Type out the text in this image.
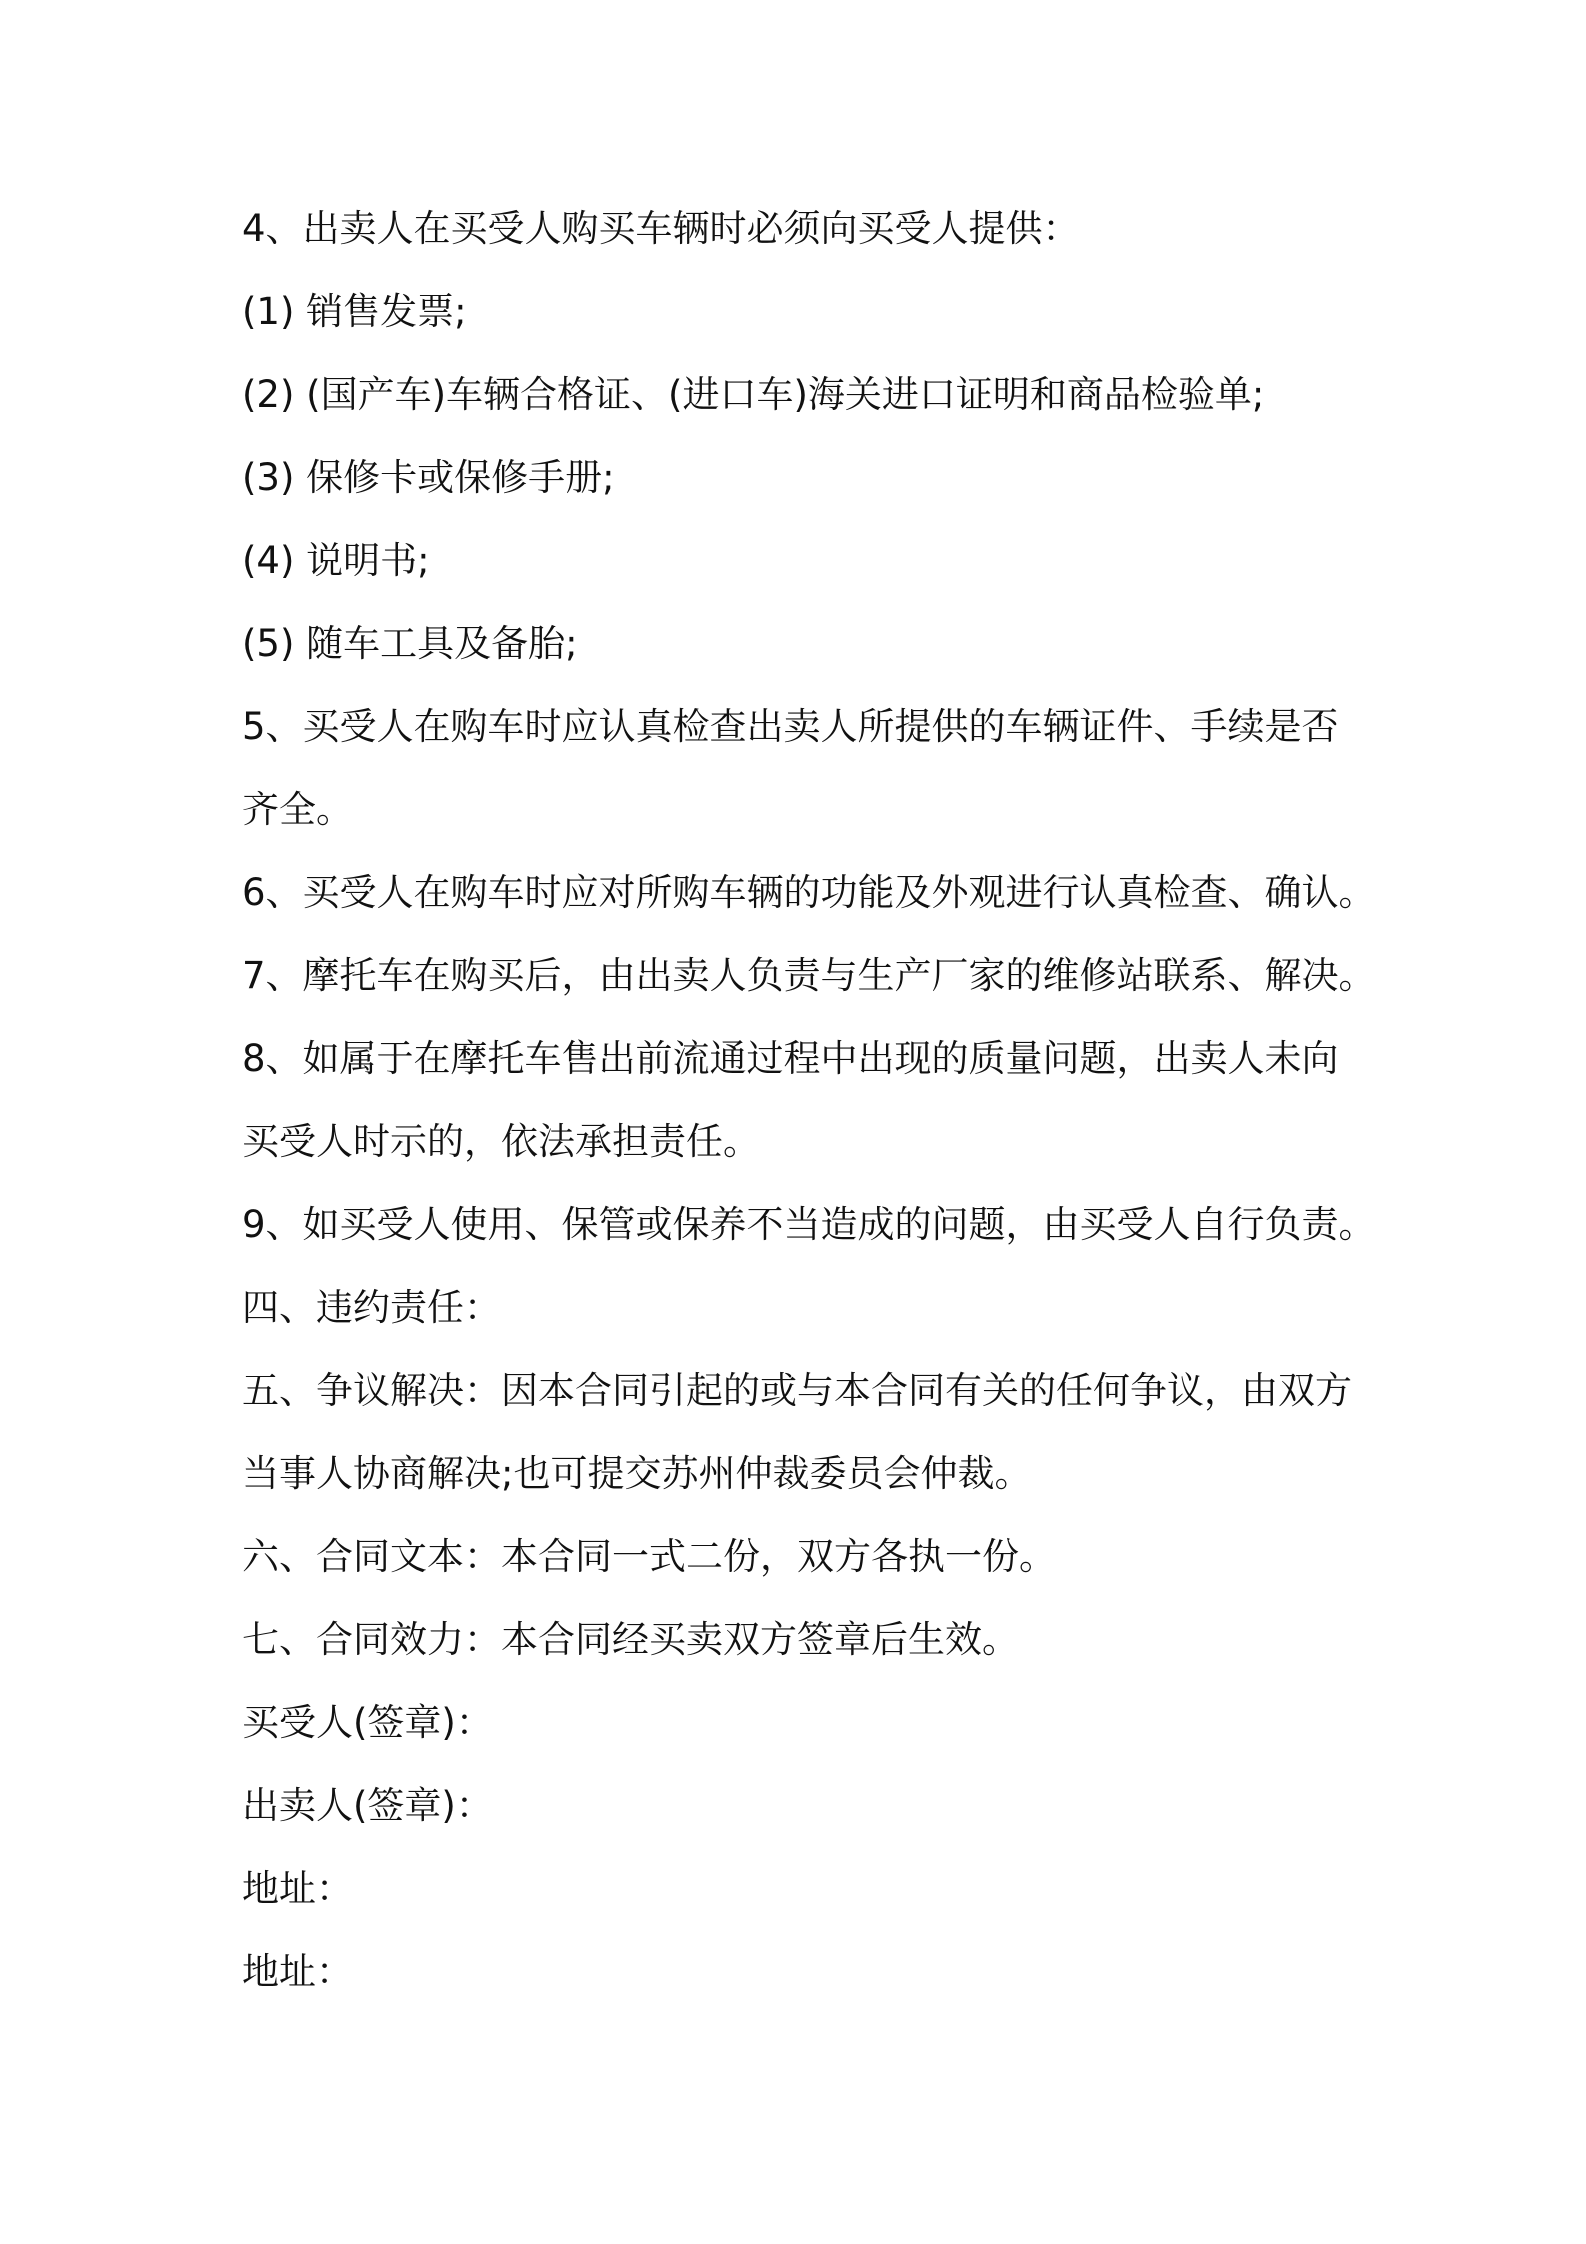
4、出卖人在买受人购买车辆时必须向买受人提供：
(1) 销售发票;
(2) (国产车)车辆合格证、(进口车)海关进口证明和商品检验单;
(3) 保修卡或保修手册;
(4) 说明书;
(5) 随车工具及备胎;
5、买受人在购车时应认真检查出卖人所提供的车辆证件、手续是否
齐全。
6、买受人在购车时应对所购车辆的功能及外观进行认真检查、确认。
7、摩托车在购买后，由出卖人负责与生产厂家的维修站联系、解决。
8、如属于在摩托车售出前流通过程中出现的质量问题，出卖人未向
买受人时示的，依法承担责任。
9、如买受人使用、保管或保养不当造成的问题，由买受人自行负责。
四、违约责任：
五、争议解决：因本合同引起的或与本合同有关的任何争议，由双方
当事人协商解决;也可提交苏州仲裁委员会仲裁。
六、合同文本：本合同一式二份，双方各执一份。
七、合同效力：本合同经买卖双方签章后生效。
买受人(签章)：
出卖人(签章)：
地址：
地址：
